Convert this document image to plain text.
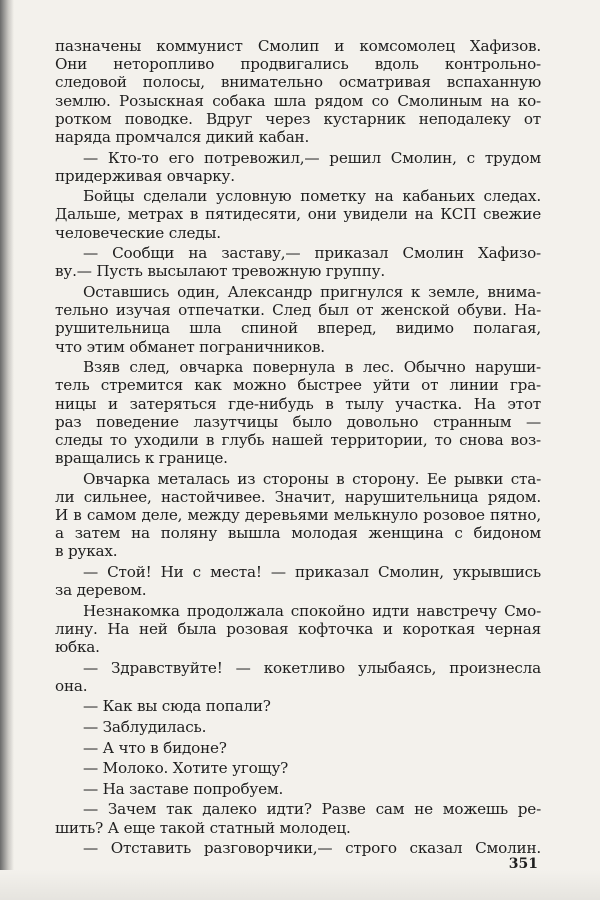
пазначены коммунист Смолип и комсомолец Хафизов.
Они неторопливо продвигались вдоль контрольно-
следовой полосы, внимательно осматривая вспаханную
землю. Розыскная собака шла рядом со Смолиным на ко-
ротком поводке. Вдруг через кустарник неподалеку от
наряда промчался дикий кабан.
— Кто-то его потревожил,— решил Смолин, с трудом
придерживая овчарку.
Бойцы сделали условную пометку на кабаньих следах.
Дальше, метрах в пятидесяти, они увидели на КСП свежие
человеческие следы.
— Сообщи на заставу,— приказал Смолин Хафизо-
ву.— Пусть высылают тревожную группу.
Оставшись один, Александр пригнулся к земле, внима-
тельно изучая отпечатки. След был от женской обуви. На-
рушительница шла спиной вперед, видимо полагая,
что этим обманет пограничников.
Взяв след, овчарка повернула в лес. Обычно наруши-
тель стремится как можно быстрее уйти от линии гра-
ницы и затеряться где-нибудь в тылу участка. На этот
раз поведение лазутчицы было довольно странным —
следы то уходили в глубь нашей территории, то снова воз-
вращались к границе.
Овчарка металась из стороны в сторону. Ее рывки ста-
ли сильнее, настойчивее. Значит, нарушительница рядом.
И в самом деле, между деревьями мелькнуло розовое пятно,
а затем на поляну вышла молодая женщина с бидоном
в руках.
— Стой! Ни с места! — приказал Смолин, укрывшись
за деревом.
Незнакомка продолжала спокойно идти навстречу Смо-
лину. На ней была розовая кофточка и короткая черная
юбка.
— Здравствуйте! — кокетливо улыбаясь, произнесла
она.
— Как вы сюда попали?
— Заблудилась.
— А что в бидоне?
— Молоко. Хотите угощу?
— На заставе попробуем.
— Зачем так далеко идти? Разве сам не можешь ре-
шить? А еще такой статный молодец.
— Отставить разговорчики,— строго сказал Смолин.
351
